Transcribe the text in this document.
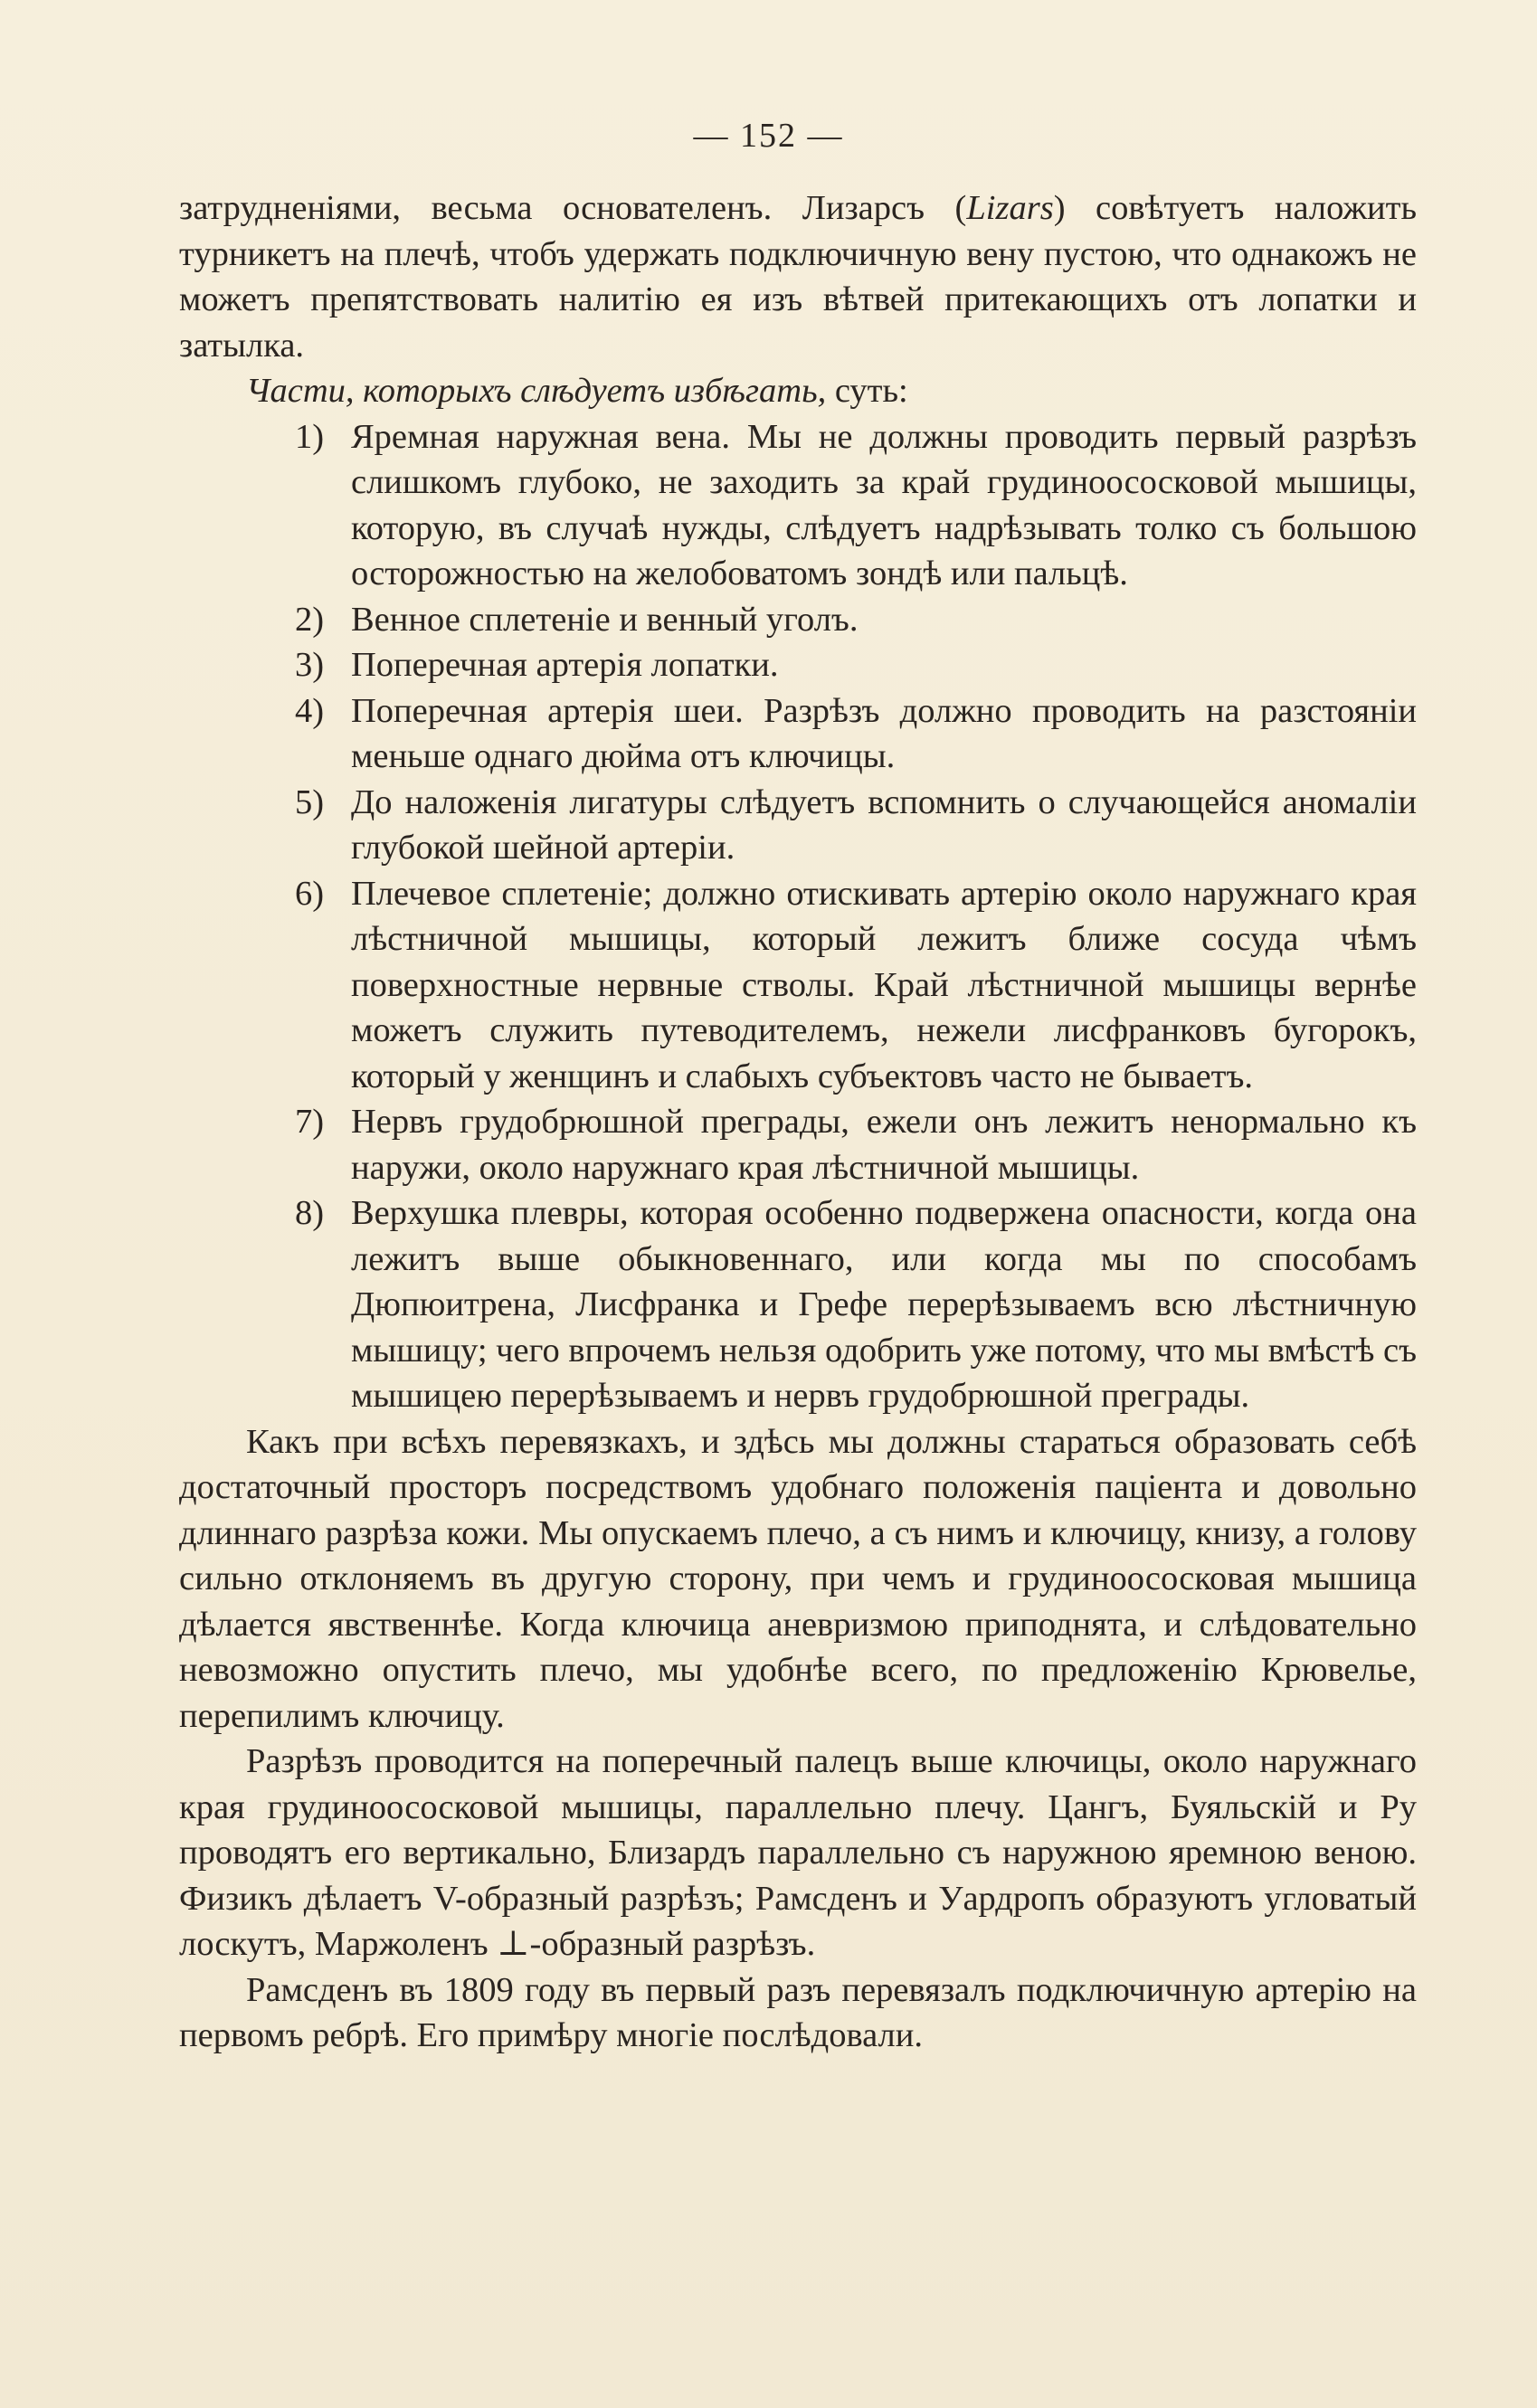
— 152 —

затрудненіями, весьма основателенъ. Лизарсъ (Lizars) совѣтуетъ наложить турникетъ на плечѣ, чтобъ удержать подключичную вену пустою, что однакожъ не можетъ препятствовать налитію ея изъ вѣтвей притекающихъ отъ лопатки и затылка.

Части, которыхъ слѣдуетъ избѣгать, суть:

1) Яремная наружная вена. Мы не должны проводить первый разрѣзъ слишкомъ глубоко, не заходить за край грудиноососковой мышицы, которую, въ случаѣ нужды, слѣдуетъ надрѣзывать толко съ большою осторожностью на желобоватомъ зондѣ или пальцѣ.
2) Венное сплетеніе и венный уголъ.
3) Поперечная артерія лопатки.
4) Поперечная артерія шеи. Разрѣзъ должно проводить на разстояніи меньше однаго дюйма отъ ключицы.
5) До наложенія лигатуры слѣдуетъ вспомнить о случающейся аномаліи глубокой шейной артеріи.
6) Плечевое сплетеніе; должно отискивать артерію около наружнаго края лѣстничной мышицы, который лежитъ ближе сосуда чѣмъ поверхностные нервные стволы. Край лѣстничной мышицы вернѣе можетъ служить путеводителемъ, нежели лисфранковъ бугорокъ, который у женщинъ и слабыхъ субъектовъ часто не бываетъ.
7) Нервъ грудобрюшной преграды, ежели онъ лежитъ ненормально къ наружи, около наружнаго края лѣстничной мышицы.
8) Верхушка плевры, которая особенно подвержена опасности, когда она лежитъ выше обыкновеннаго, или когда мы по способамъ Дюпюитрена, Лисфранка и Грефе перерѣзываемъ всю лѣстничную мышицу; чего впрочемъ нельзя одобрить уже потому, что мы вмѣстѣ съ мышицею перерѣзываемъ и нервъ грудобрюшной преграды.

Какъ при всѣхъ перевязкахъ, и здѣсь мы должны стараться образовать себѣ достаточный просторъ посредствомъ удобнаго положенія паціента и довольно длиннаго разрѣза кожи. Мы опускаемъ плечо, а съ нимъ и ключицу, книзу, а голову сильно отклоняемъ въ другую сторону, при чемъ и грудиноососковая мышица дѣлается явственнѣе. Когда ключица аневризмою приподнята, и слѣдовательно невозможно опустить плечо, мы удобнѣе всего, по предложенію Крювелье, перепилимъ ключицу.

Разрѣзъ проводится на поперечный палецъ выше ключицы, около наружнаго края грудиноососковой мышицы, параллельно плечу. Цангъ, Буяльскій и Ру проводятъ его вертикально, Близардъ параллельно съ наружною яремною веною. Физикъ дѣлаетъ V-образный разрѣзъ; Рамсденъ и Уардропъ образуютъ угловатый лоскутъ, Маржоленъ ⊥-образный разрѣзъ.

Рамсденъ въ 1809 году въ первый разъ перевязалъ подключичную артерію на первомъ ребрѣ. Его примѣру многіе послѣдовали.
